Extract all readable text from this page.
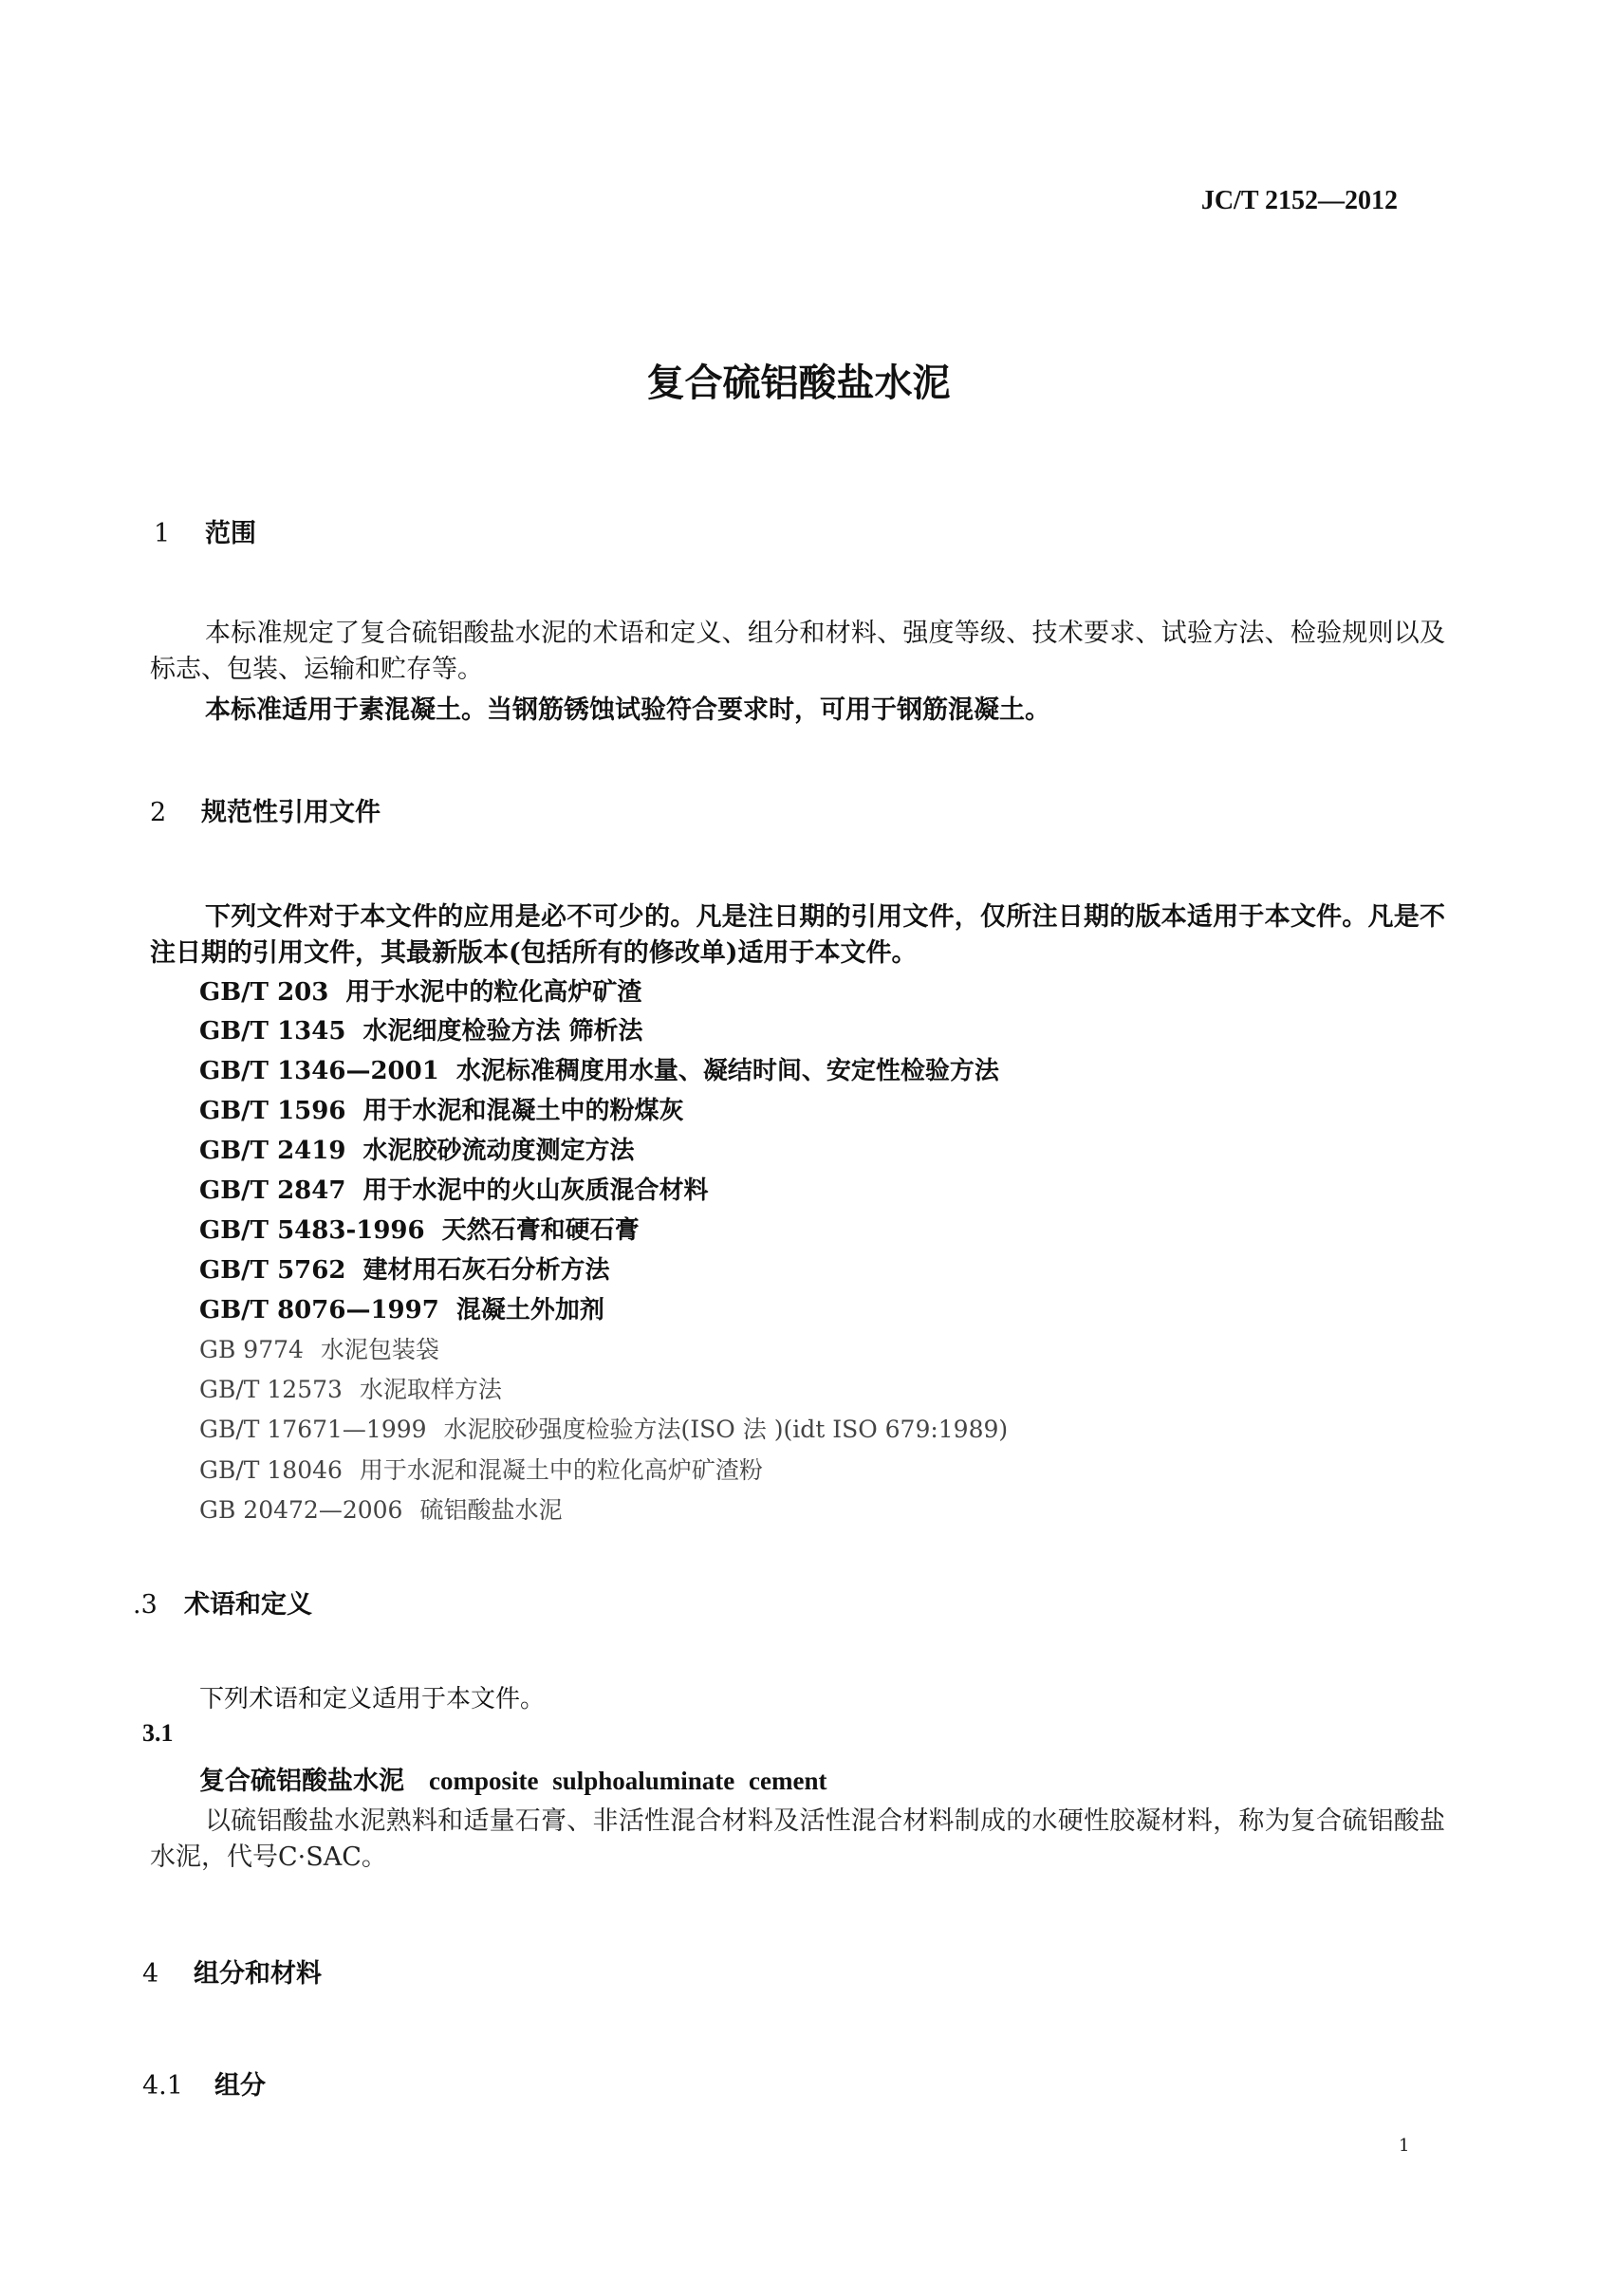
JC/T 2152—2012
复合硫铝酸盐水泥
1 范围
本标准规定了复合硫铝酸盐水泥的术语和定义、组分和材料、强度等级、技术要求、试验方法、检验规则以及标志、包装、运输和贮存等。
本标准适用于素混凝土。当钢筋锈蚀试验符合要求时，可用于钢筋混凝土。
2 规范性引用文件
下列文件对于本文件的应用是必不可少的。凡是注日期的引用文件，仅所注日期的版本适用于本文件。凡是不注日期的引用文件，其最新版本(包括所有的修改单)适用于本文件。
GB/T 203 用于水泥中的粒化高炉矿渣
GB/T 1345 水泥细度检验方法 筛析法
GB/T 1346—2001 水泥标准稠度用水量、凝结时间、安定性检验方法
GB/T 1596 用于水泥和混凝土中的粉煤灰
GB/T 2419 水泥胶砂流动度测定方法
GB/T 2847 用于水泥中的火山灰质混合材料
GB/T 5483-1996 天然石膏和硬石膏
GB/T 5762 建材用石灰石分析方法
GB/T 8076—1997 混凝土外加剂
GB 9774 水泥包装袋
GB/T 12573 水泥取样方法
GB/T 17671—1999 水泥胶砂强度检验方法(ISO 法 )(idt ISO 679:1989)
GB/T 18046 用于水泥和混凝土中的粒化高炉矿渣粉
GB 20472—2006 硫铝酸盐水泥
.3 术语和定义
下列术语和定义适用于本文件。
3.1
复合硫铝酸盐水泥 composite sulphoaluminate cement
以硫铝酸盐水泥熟料和适量石膏、非活性混合材料及活性混合材料制成的水硬性胶凝材料，称为复合硫铝酸盐水泥，代号C·SAC。
4 组分和材料
4.1 组分
1
